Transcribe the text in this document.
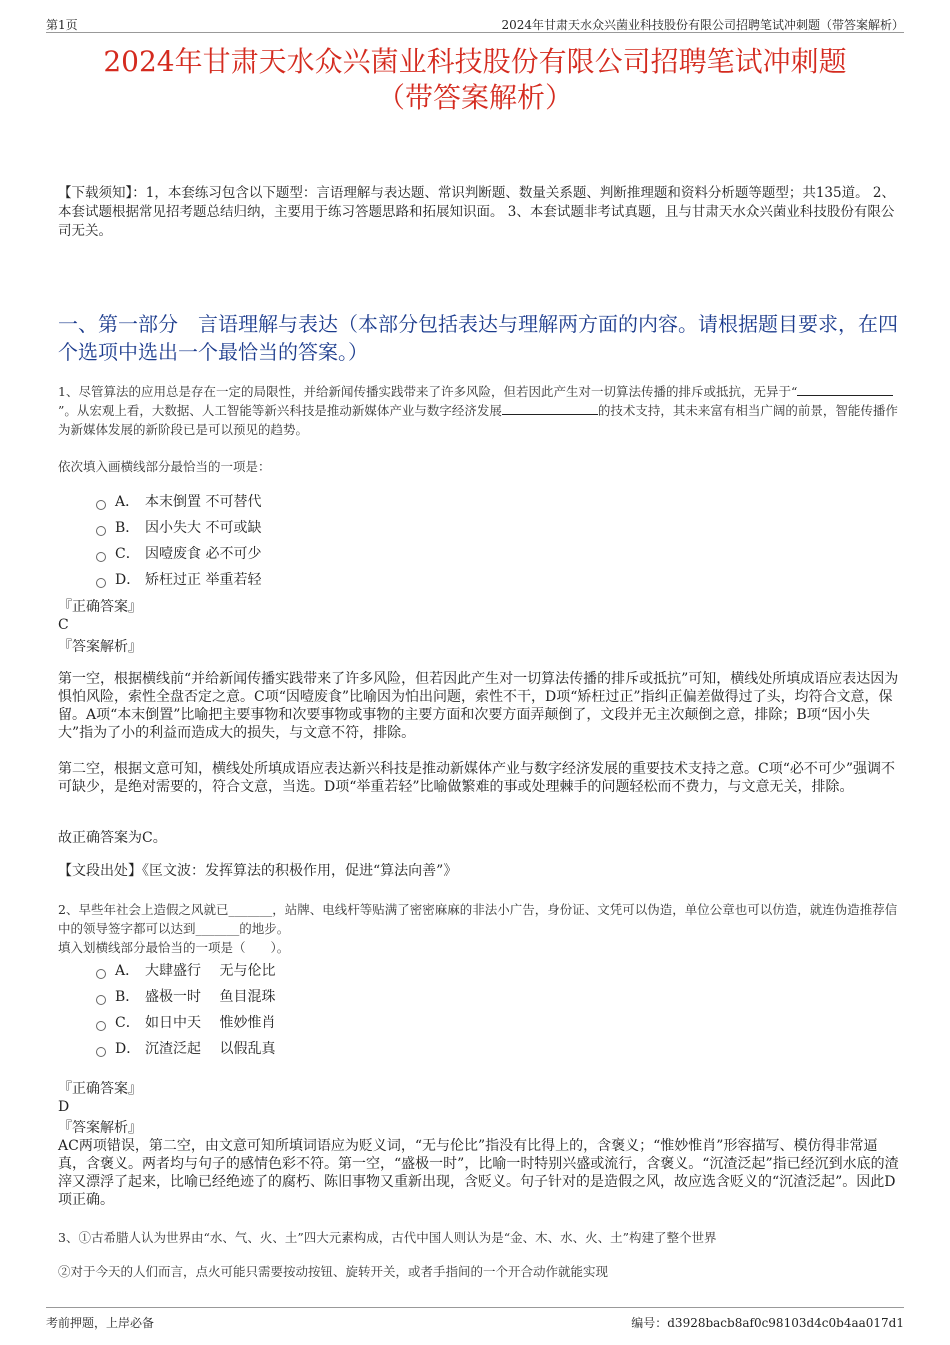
第1页	2024年甘肃天水众兴菌业科技股份有限公司招聘笔试冲刺题（带答案解析）
2024年甘肃天水众兴菌业科技股份有限公司招聘笔试冲刺题
（带答案解析）
【下载须知】：1，本套练习包含以下题型：言语理解与表达题、常识判断题、数量关系题、判断推理题和资料分析题等题型；共135道。 2、本套试题根据常见招考题总结归纳，主要用于练习答题思路和拓展知识面。 3、本套试题非考试真题，且与甘肃天水众兴菌业科技股份有限公司无关。
一、第一部分　言语理解与表达（本部分包括表达与理解两方面的内容。请根据题目要求，在四个选项中选出一个最恰当的答案。）
1、尽管算法的应用总是存在一定的局限性，并给新闻传播实践带来了许多风险，但若因此产生对一切算法传播的排斥或抵抗，无异于“”。从宏观上看，大数据、人工智能等新兴科技是推动新媒体产业与数字经济发展	的技术支持，其未来富有相当广阔的前景，智能传播作为新媒体发展的新阶段已是可以预见的趋势。
依次填入画横线部分最恰当的一项是：
A． 本末倒置 不可替代
B． 因小失大 不可或缺
C． 因噎废食 必不可少
D． 矫枉过正 举重若轻
『正确答案』
C
『答案解析』

第一空，根据横线前“并给新闻传播实践带来了许多风险，但若因此产生对一切算法传播的排斥或抵抗”可知，横线处所填成语应表达因为惧怕风险，索性全盘否定之意。C项“因噎废食”比喻因为怕出问题，索性不干，D项“矫枉过正”指纠正偏差做得过了头，均符合文意，保留。A项“本末倒置”比喻把主要事物和次要事物或事物的主要方面和次要方面弄颠倒了，文段并无主次颠倒之意，排除；B项“因小失大”指为了小的利益而造成大的损失，与文意不符，排除。

第二空，根据文意可知，横线处所填成语应表达新兴科技是推动新媒体产业与数字经济发展的重要技术支持之意。C项“必不可少”强调不可缺少，是绝对需要的，符合文意，当选。D项“举重若轻”比喻做繁难的事或处理棘手的问题轻松而不费力，与文意无关，排除。

故正确答案为C。

【文段出处】《匡文波：发挥算法的积极作用，促进“算法向善”》

2、早些年社会上造假之风就已_______，站牌、电线杆等贴满了密密麻麻的非法小广告，身份证、文凭可以伪造，单位公章也可以仿造，就连伪造推荐信中的领导签字都可以达到_______的地步。
填入划横线部分最恰当的一项是（　　）。
A． 大肆盛行　 无与伦比
B． 盛极一时　 鱼目混珠
C． 如日中天　 惟妙惟肖
D． 沉渣泛起　 以假乱真
『正确答案』
D
『答案解析』

AC两项错误，第二空，由文意可知所填词语应为贬义词，“无与伦比”指没有比得上的，含褒义；“惟妙惟肖”形容描写、模仿得非常逼真，含褒义。两者均与句子的感情色彩不符。第一空，“盛极一时”，比喻一时特别兴盛或流行，含褒义。“沉渣泛起”指已经沉到水底的渣滓又漂浮了起来，比喻已经绝迹了的腐朽、陈旧事物又重新出现，含贬义。句子针对的是造假之风，故应选含贬义的“沉渣泛起”。因此D项正确。

3、①古希腊人认为世界由“水、气、火、土”四大元素构成，古代中国人则认为是“金、木、水、火、土”构建了整个世界
②对于今天的人们而言，点火可能只需要按动按钮、旋转开关，或者手指间的一个开合动作就能实现
考前押题，上岸必备	编号：d3928bacb8af0c98103d4c0b4aa017d1
